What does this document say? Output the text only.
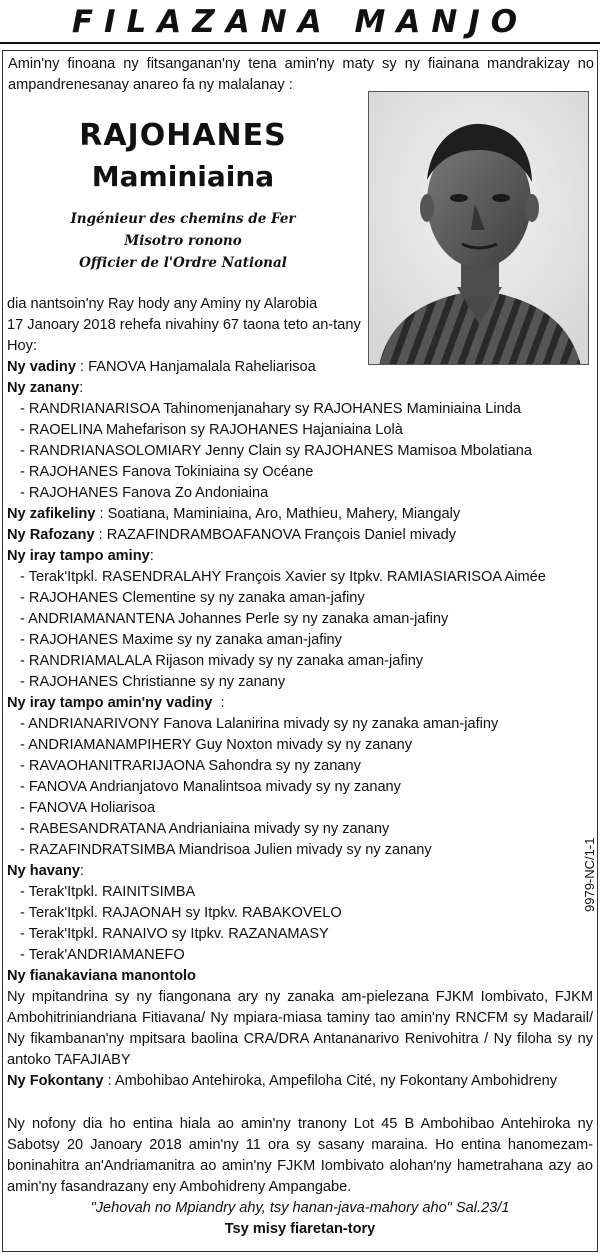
FILAZANA MANJO
Amin'ny finoana ny fitsanganan'ny tena amin'ny maty sy ny fiainana mandrakizay no ampandrenesanay anareo fa ny malalanay :
RAJOHANES
Maminiaina
Ingénieur des chemins de Fer
Misotro ronono
Officier de l'Ordre National
dia nantsoin'ny Ray hody any Aminy ny Alarobia
17 Janoary 2018 rehefa nivahiny 67 taona teto an-tany
Hoy:
Ny vadiny : FANOVA Hanjamalala Raheliarisoa
Ny zanany:
- RANDRIANARISOA Tahinomenjanahary sy RAJOHANES Maminiaina Linda
- RAOELINA Mahefarison sy RAJOHANES Hajaniaina Lolà
- RANDRIANASOLOMIARY Jenny Clain sy RAJOHANES Mamisoa Mbolatiana
- RAJOHANES Fanova Tokiniaina sy Océane
- RAJOHANES Fanova Zo Andoniaina
Ny zafikeliny : Soatiana, Maminiaina, Aro, Mathieu, Mahery, Miangaly
Ny Rafozany : RAZAFINDRAMBOAFANOVA François Daniel mivady
Ny iray tampo aminy:
- Terak'Itpkl. RASENDRALAHY François Xavier sy Itpkv. RAMIASIARISOA Aimée
- RAJOHANES Clementine sy ny zanaka aman-jafiny
- ANDRIAMANANTENA Johannes Perle sy ny zanaka aman-jafiny
- RAJOHANES Maxime sy ny zanaka aman-jafiny
- RANDRIAMALALA Rijason mivady sy ny zanaka aman-jafiny
- RAJOHANES Christianne sy ny zanany
Ny iray tampo amin'ny vadiny  :
- ANDRIANARIVONY Fanova Lalanirina mivady sy ny zanaka aman-jafiny
- ANDRIAMANAMPIHERY Guy Noxton mivady sy ny zanany
- RAVAOHANITRARIJAONA Sahondra sy ny zanany
- FANOVA Andrianjatovo Manalintsoa mivady sy ny zanany
- FANOVA Holiarisoa
- RABESANDRATANA Andrianiaina mivady sy ny zanany
- RAZAFINDRATSIMBA Miandrisoa Julien mivady sy ny zanany
Ny havany:
- Terak'Itpkl. RAINITSIMBA
- Terak'Itpkl. RAJAONAH sy Itpkv. RABAKOVELO
- Terak'Itpkl. RANAIVO sy Itpkv. RAZANAMASY
- Terak'ANDRIAMANEFO
Ny fianakaviana manontolo
Ny mpitandrina sy ny fiangonana ary ny zanaka am-pielezana FJKM Iombivato, FJKM Ambohitriniandriana Fitiavana/ Ny mpiara-miasa taminy tao amin'ny RNCFM sy Madarail/ Ny fikambanan'ny mpitsara baolina CRA/DRA Antananarivo Renivohitra / Ny filoha sy ny antoko TAFAJIABY
Ny Fokontany : Ambohibao Antehiroka, Ampefiloha Cité, ny Fokontany Ambohidreny
Ny nofony dia ho entina hiala ao amin'ny tranony Lot 45 B Ambohibao Antehiroka ny Sabotsy 20 Janoary 2018 amin'ny 11 ora sy sasany maraina. Ho entina hanomezam-boninahitra an'Andriamanitra ao amin'ny FJKM Iombivato alohan'ny hametrahana azy ao amin'ny fasandrazany eny Ambohidreny Ampangabe.
"Jehovah no Mpiandry ahy, tsy hanan-java-mahory aho" Sal.23/1
Tsy misy fiaretan-tory
9979-NC/1-1
